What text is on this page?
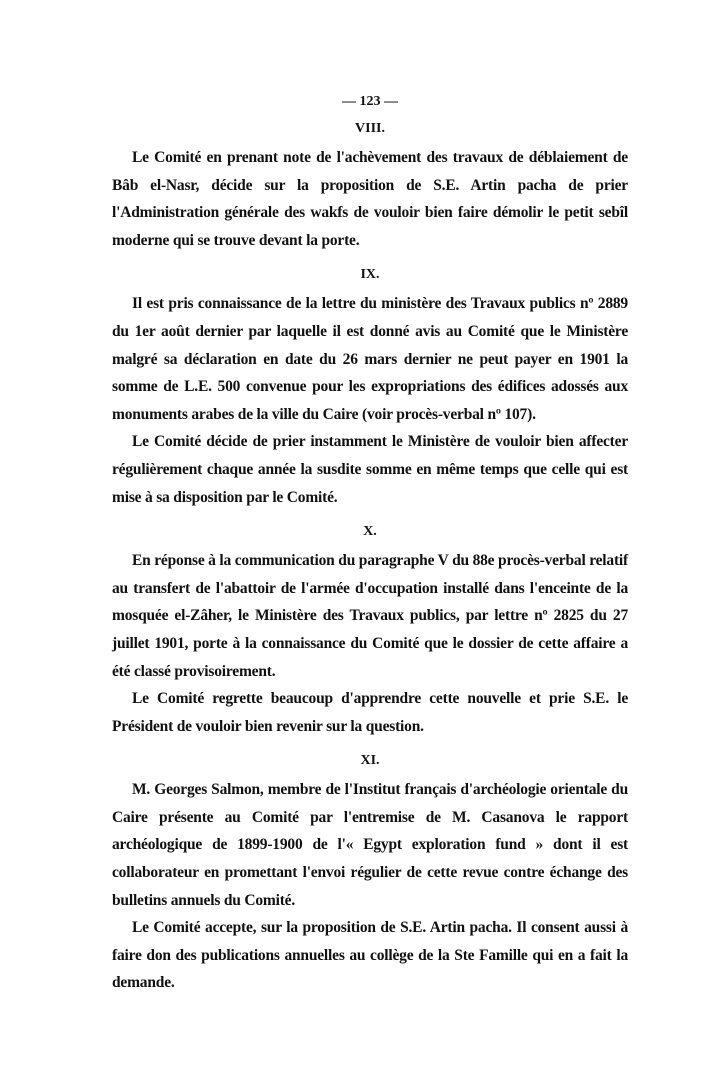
— 123 —

VIII.

Le Comité en prenant note de l'achèvement des travaux de déblaiement de Bâb el-Nasr, décide sur la proposition de S.E. Artin pacha de prier l'Administration générale des wakfs de vouloir bien faire démolir le petit sebîl moderne qui se trouve devant la porte.

IX.

Il est pris connaissance de la lettre du ministère des Travaux publics nº 2889 du 1er août dernier par laquelle il est donné avis au Comité que le Ministère malgré sa déclaration en date du 26 mars dernier ne peut payer en 1901 la somme de L.E. 500 convenue pour les expropriations des édifices adossés aux monuments arabes de la ville du Caire (voir procès-verbal nº 107).

Le Comité décide de prier instamment le Ministère de vouloir bien affecter régulièrement chaque année la susdite somme en même temps que celle qui est mise à sa disposition par le Comité.

X.

En réponse à la communication du paragraphe V du 88e procès-verbal relatif au transfert de l'abattoir de l'armée d'occupation installé dans l'enceinte de la mosquée el-Zâher, le Ministère des Travaux publics, par lettre nº 2825 du 27 juillet 1901, porte à la connaissance du Comité que le dossier de cette affaire a été classé provisoirement.

Le Comité regrette beaucoup d'apprendre cette nouvelle et prie S.E. le Président de vouloir bien revenir sur la question.

XI.

M. Georges Salmon, membre de l'Institut français d'archéologie orientale du Caire présente au Comité par l'entremise de M. Casanova le rapport archéologique de 1899-1900 de l'« Egypt exploration fund » dont il est collaborateur en promettant l'envoi régulier de cette revue contre échange des bulletins annuels du Comité.

Le Comité accepte, sur la proposition de S.E. Artin pacha. Il consent aussi à faire don des publications annuelles au collège de la Ste Famille qui en a fait la demande.
